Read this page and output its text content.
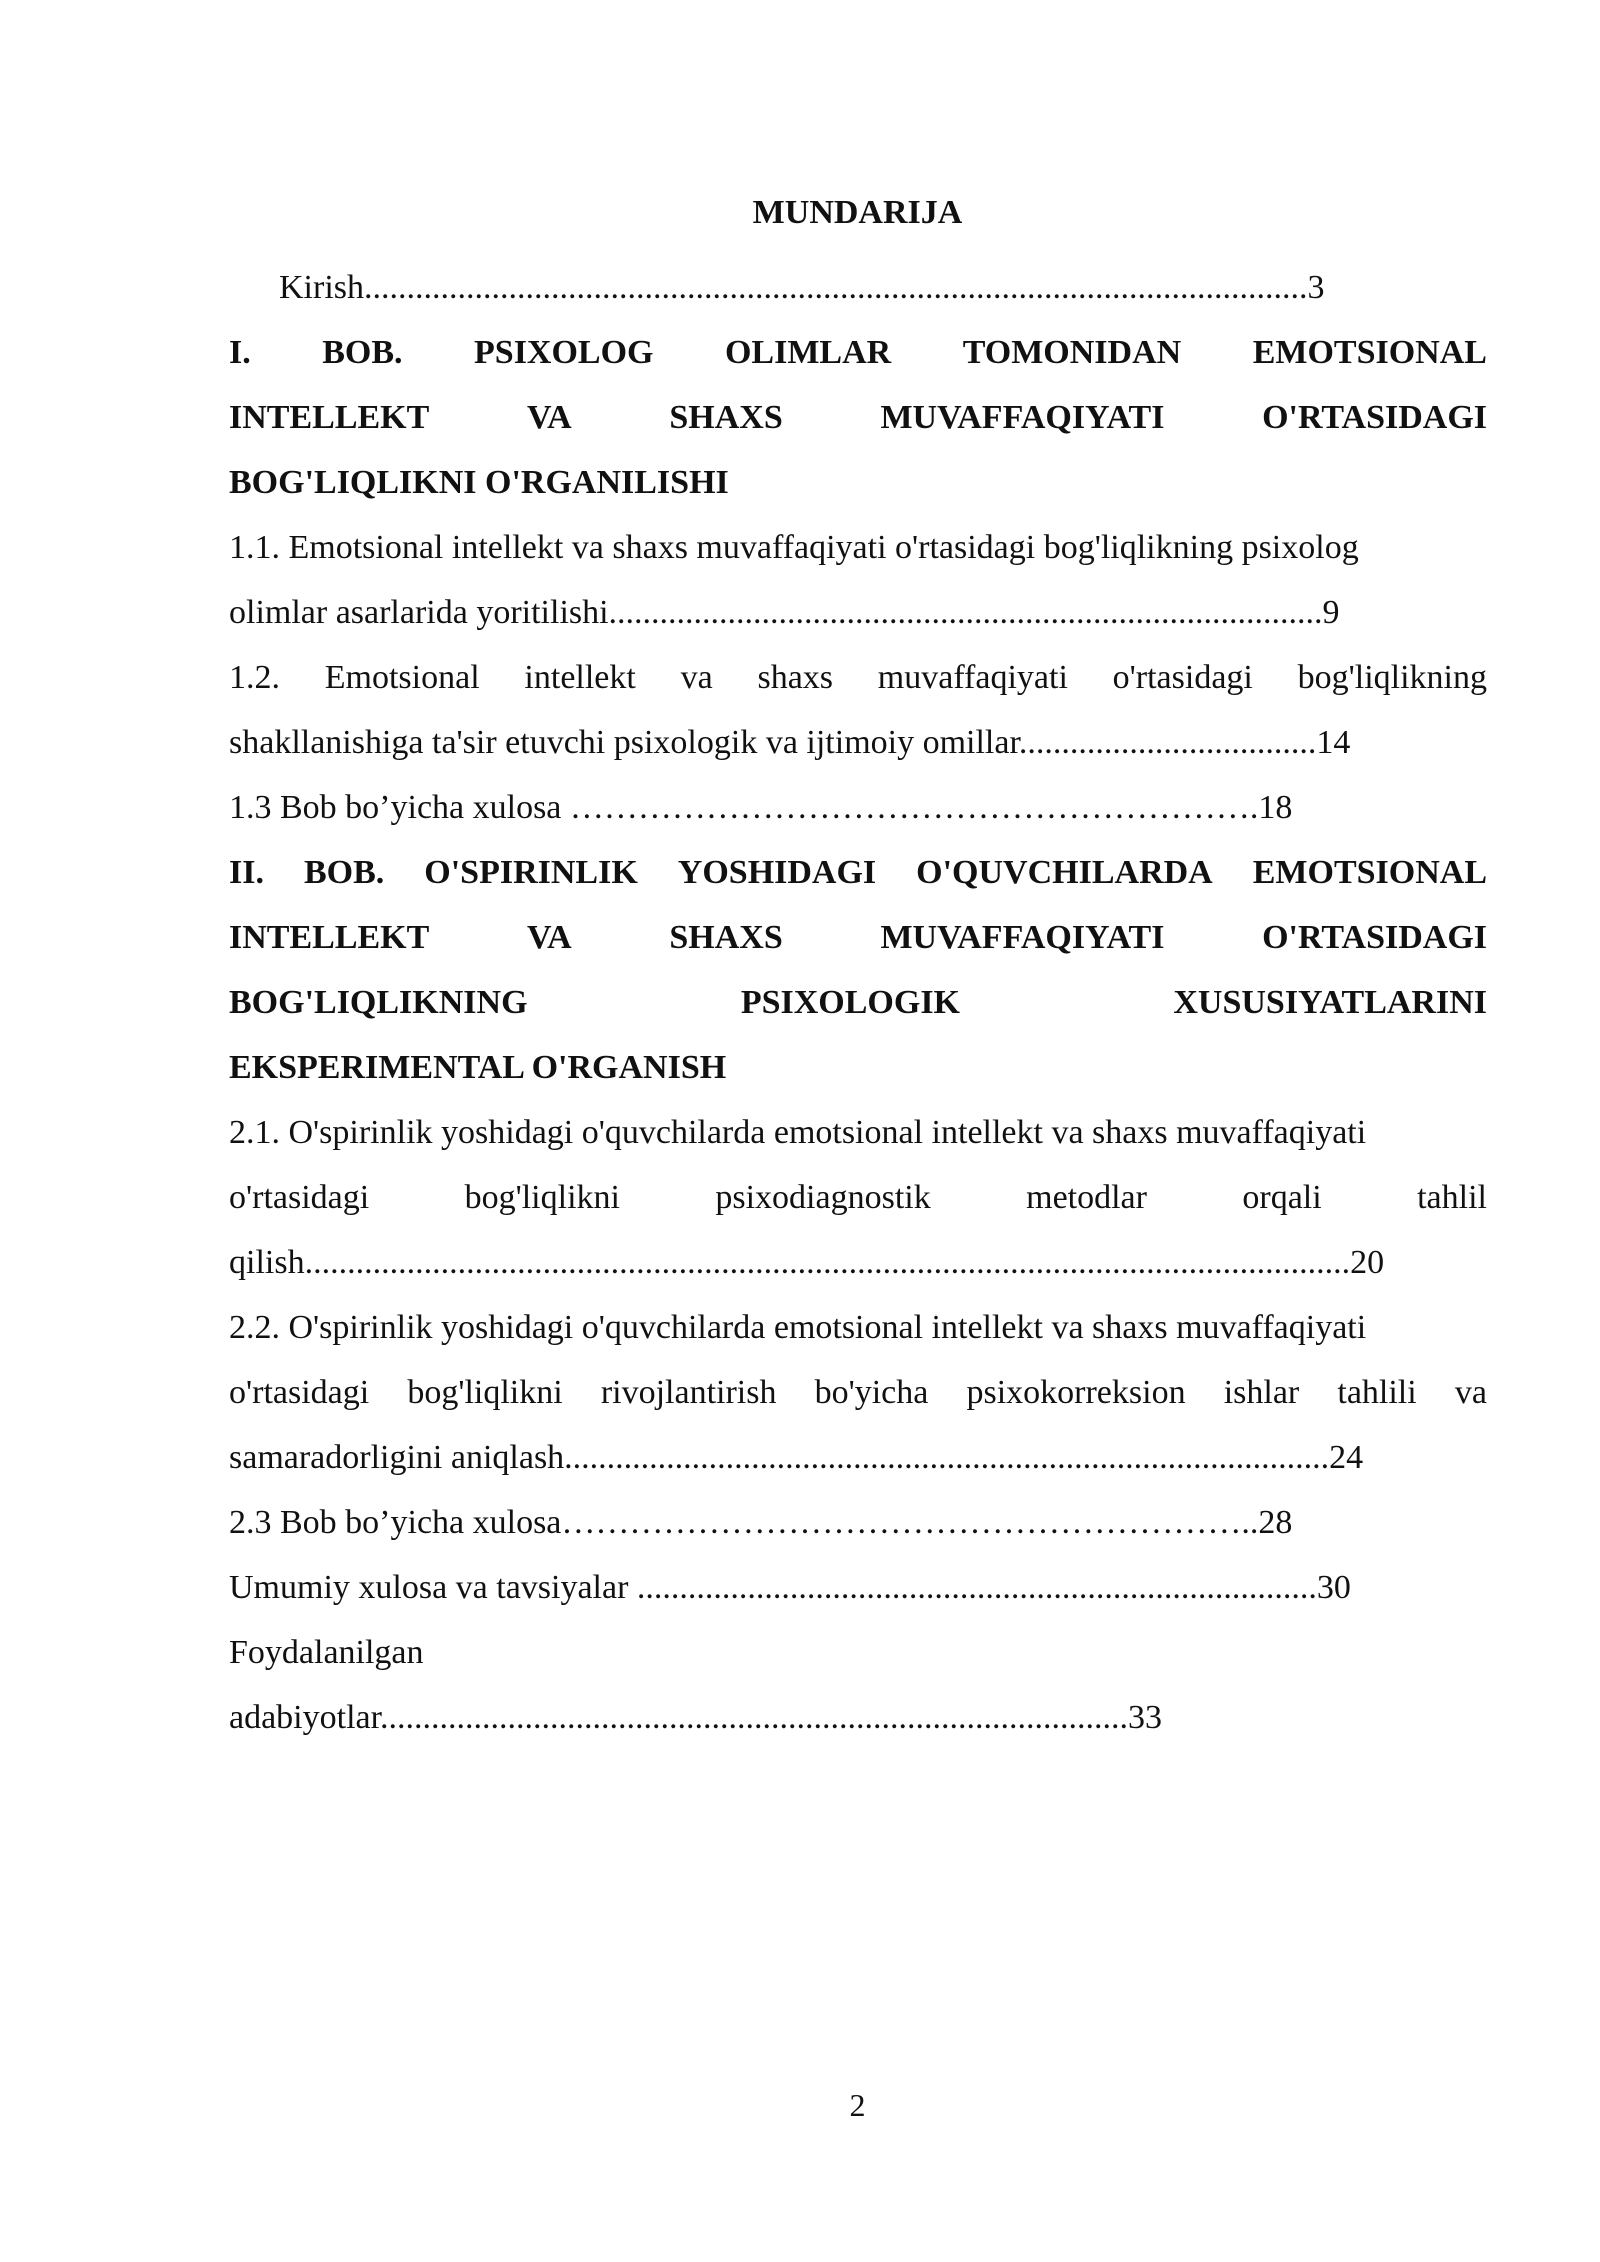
MUNDARIJA
Kirish...............................................................................................................3
I. BOB. PSIXOLOG OLIMLAR TOMONIDAN EMOTSIONAL
INTELLEKT	VA	SHAXS	MUVAFFAQIYATI	O'RTASIDAGI
BOG'LIQLIKNI O'RGANILISHI
1.1. Emotsional intellekt va shaxs muvaffaqiyati o'rtasidagi bog'liqlikning psixolog
olimlar asarlarida yoritilishi....................................................................................9
1.2. Emotsional intellekt va shaxs muvaffaqiyati o'rtasidagi bog'liqlikning
shakllanishiga ta'sir etuvchi psixologik va ijtimoiy omillar...................................14
1.3 Bob bo’yicha xulosa …………………………………………………….18
II. BOB. O'SPIRINLIK YOSHIDAGI O'QUVCHILARDA EMOTSIONAL
INTELLEKT	VA	SHAXS	MUVAFFAQIYATI	O'RTASIDAGI
BOG'LIQLIKNING	PSIXOLOGIK	XUSUSIYATLARINI
EKSPERIMENTAL O'RGANISH
2.1. O'spirinlik yoshidagi o'quvchilarda emotsional intellekt va shaxs muvaffaqiyati
o'rtasidagi	bog'liqlikni	psixodiagnostik	metodlar	orqali	tahlil
qilish...........................................................................................................................20
2.2. O'spirinlik yoshidagi o'quvchilarda emotsional intellekt va shaxs muvaffaqiyati
o'rtasidagi bog'liqlikni rivojlantirish bo'yicha psixokorreksion ishlar tahlili va
samaradorligini aniqlash..........................................................................................24
2.3 Bob bo’yicha xulosa……………………………………………………..28
Umumiy xulosa va tavsiyalar ................................................................................30
Foydalanilgan
adabiyotlar........................................................................................33
2
